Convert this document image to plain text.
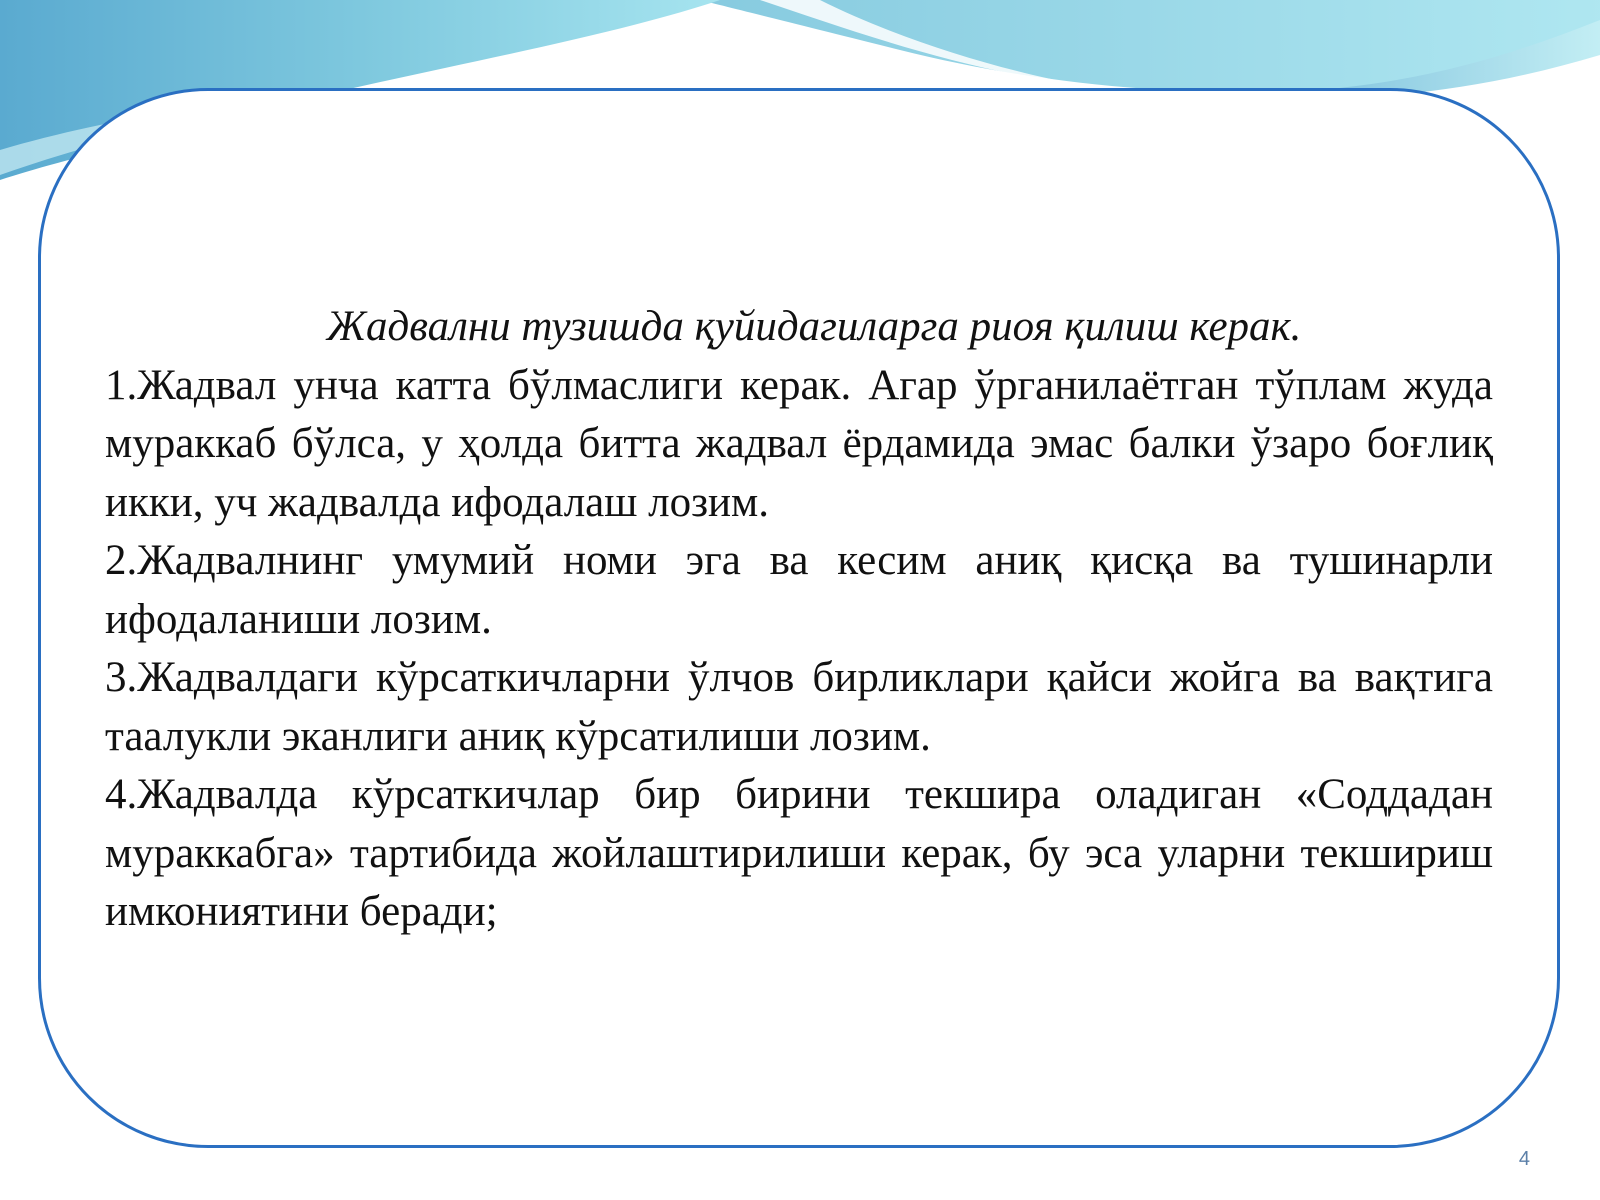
Жадвални тузишда қуйидагиларга риоя қилиш керак.

1.Жадвал унча катта бўлмаслиги керак. Агар ўрганилаётган тўплам жуда мураккаб бўлса, у ҳолда битта жадвал ёрдамида эмас балки ўзаро боғлиқ икки, уч жадвалда ифодалаш лозим.

2.Жадвалнинг умумий номи эга ва кесим аниқ қисқа ва тушинарли ифодаланиши лозим.

3.Жадвалдаги кўрсаткичларни ўлчов бирликлари қайси жойга ва вақтига таалукли эканлиги аниқ кўрсатилиши лозим.

4.Жадвалда кўрсаткичлар бир бирини текшира оладиган «Соддадан мураккабга» тартибида жойлаштирилиши керак, бу эса уларни текшириш имкониятини беради;

4
